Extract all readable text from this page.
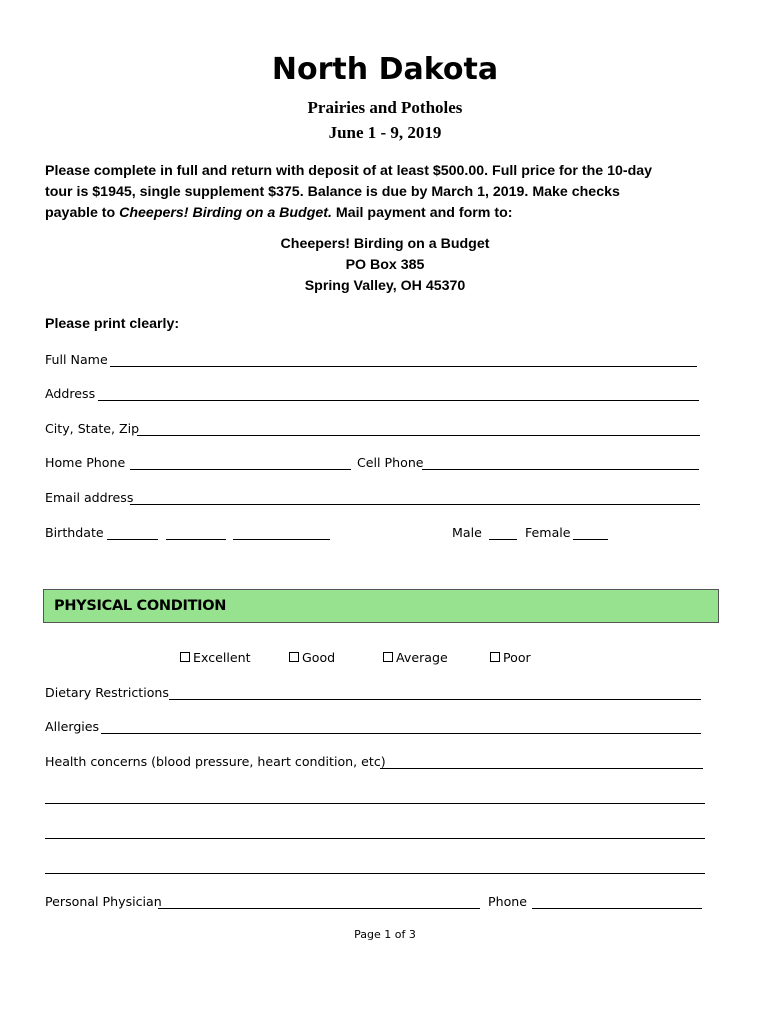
North Dakota
Prairies and Potholes
June 1 - 9, 2019
Please complete in full and return with deposit of at least $500.00. Full price for the 10-day
tour is $1945, single supplement $375. Balance is due by March 1, 2019. Make checks
payable to Cheepers! Birding on a Budget. Mail payment and form to:
Cheepers! Birding on a Budget
PO Box 385
Spring Valley, OH 45370
Please print clearly:
Full Name
Address
City, State, Zip
Home Phone	Cell Phone
Email address
Birthdate	Male	Female
PHYSICAL CONDITION
Excellent	Good	Average	Poor
Dietary Restrictions
Allergies
Health concerns (blood pressure, heart condition, etc)
Personal Physician	Phone
Page 1 of 3
